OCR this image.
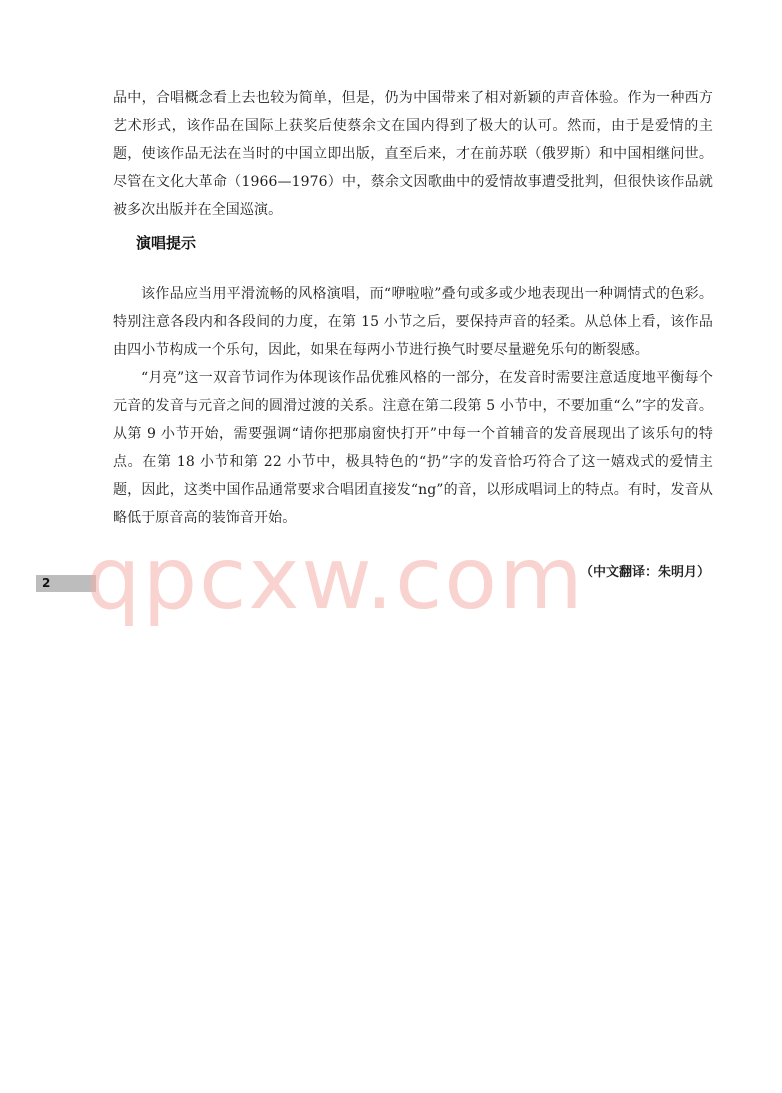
品中，合唱概念看上去也较为简单，但是，仍为中国带来了相对新颖的声音体验。作为一种西方艺术形式，该作品在国际上获奖后使蔡余文在国内得到了极大的认可。然而，由于是爱情的主题，使该作品无法在当时的中国立即出版，直至后来，才在前苏联（俄罗斯）和中国相继问世。尽管在文化大革命（1966—1976）中，蔡余文因歌曲中的爱情故事遭受批判，但很快该作品就被多次出版并在全国巡演。

演唱提示

该作品应当用平滑流畅的风格演唱，而“咿啦啦”叠句或多或少地表现出一种调情式的色彩。特别注意各段内和各段间的力度，在第 15 小节之后，要保持声音的轻柔。从总体上看，该作品由四小节构成一个乐句，因此，如果在每两小节进行换气时要尽量避免乐句的断裂感。

“月亮”这一双音节词作为体现该作品优雅风格的一部分，在发音时需要注意适度地平衡每个元音的发音与元音之间的圆滑过渡的关系。注意在第二段第 5 小节中，不要加重“么”字的发音。从第 9 小节开始，需要强调“请你把那扇窗快打开”中每一个首辅音的发音展现出了该乐句的特点。在第 18 小节和第 22 小节中，极具特色的“扔”字的发音恰巧符合了这一嬉戏式的爱情主题，因此，这类中国作品通常要求合唱团直接发“ng”的音，以形成唱词上的特点。有时，发音从略低于原音高的装饰音开始。

（中文翻译：朱明月）
2 qpcxw.com
